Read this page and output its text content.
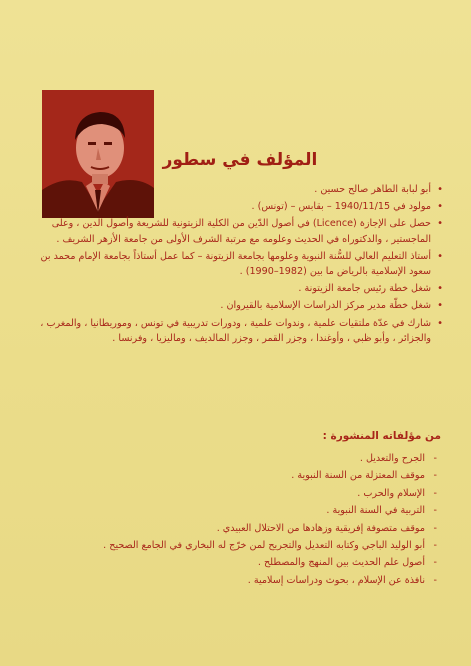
المؤلف في سطور
• أبو لبابة الطاهر صالح حسين .
• مولود في 1940/11/15 – بقابس – (تونس) .
• حصل على الإجازة (Licence) في أصول الدّين من الكلية الزيتونية للشريعة وأصول الدين ، وعلى الماجستير ، والدكتوراه في الحديث وعلومه مع مرتبة الشرف الأولى من جامعة الأزهر الشريف .
• أستاذ التعليم العالي للسُّنة النبوية وعلومها بجامعة الزيتونة – كما عمل أستاذاً بجامعة الإمام محمد بن سعود الإسلامية بالرياض ما بين (1982–1990) .
• شغل خطة رئيس جامعة الزيتونة .
• شغل خطّة مدير مركز الدراسات الإسلامية بالقيروان .
• شارك في عدّة ملتقيات علمية ، وندوات علمية ، ودورات تدريبية في تونس ، وموريطانيا ، والمغرب ، والجزائر ، وأبو ظبي ، وأوغندا ، وجزر القمر ، وجزر المالديف ، وماليزيا ، وفرنسا .
من مؤلفاته المنشورة :
- الجرح والتعديل .
- موقف المعتزلة من السنة النبوية .
- الإسلام والحرب .
- التربية في السنة النبوية .
- موقف متصوفة إفريقية وزهادها من الاحتلال العبيدي .
- أبو الوليد الباجي وكتابه التعديل والتجريح لمن خرّج له البخاري في الجامع الصحيح .
- أصول علم الحديث بين المنهج والمصطلح .
- نافذة عن الإسلام ، بحوث ودراسات إسلامية .
